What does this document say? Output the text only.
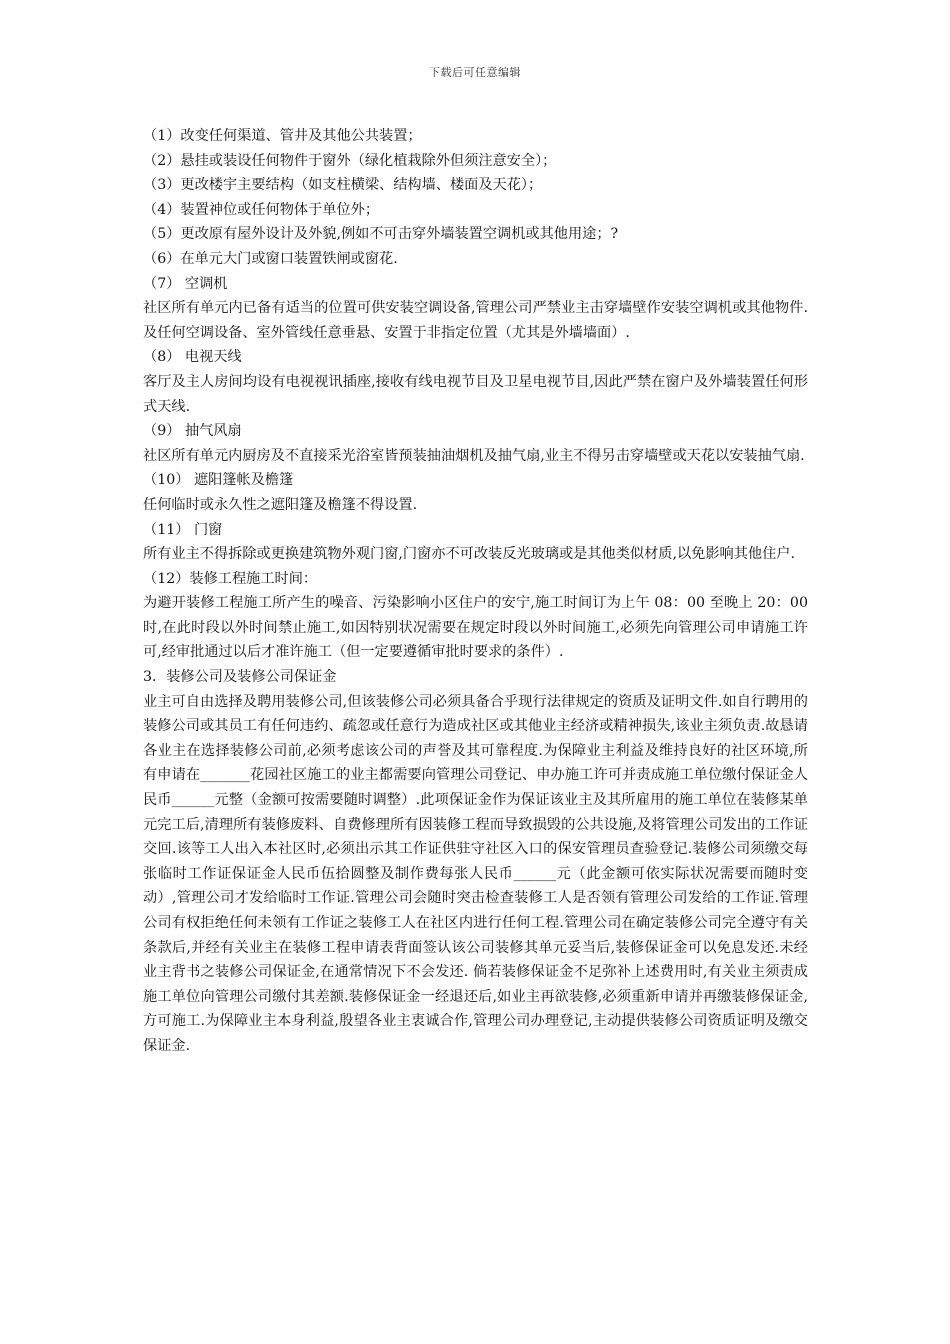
下载后可任意编辑

（1）改变任何渠道、管井及其他公共装置；

（2）悬挂或装设任何物件于窗外（绿化植栽除外但须注意安全）；

（3）更改楼宇主要结构（如支柱横梁、结构墙、楼面及天花）；

（4）装置神位或任何物体于单位外；

（5）更改原有屋外设计及外貌,例如不可击穿外墙装置空调机或其他用途；?

（6）在单元大门或窗口装置铁闸或窗花.

（7） 空调机

社区所有单元内已备有适当的位置可供安装空调设备,管理公司严禁业主击穿墙壁作安装空调机或其他物件.及任何空调设备、室外管线任意垂悬、安置于非指定位置（尤其是外墙墙面）.

（8） 电视天线

客厅及主人房间均设有电视视讯插座,接收有线电视节目及卫星电视节目,因此严禁在窗户及外墙装置任何形式天线.

（9） 抽气风扇

社区所有单元内厨房及不直接采光浴室皆预装抽油烟机及抽气扇,业主不得另击穿墙壁或天花以安装抽气扇.

（10） 遮阳篷帐及檐篷

任何临时或永久性之遮阳篷及檐篷不得设置.

（11） 门窗

所有业主不得拆除或更换建筑物外观门窗,门窗亦不可改装反光玻璃或是其他类似材质,以免影响其他住户.

（12）装修工程施工时间：

为避开装修工程施工所产生的噪音、污染影响小区住户的安宁,施工时间订为上午 08：00 至晚上 20：00 时,在此时段以外时间禁止施工,如因特别状况需要在规定时段以外时间施工,必须先向管理公司申请施工许可,经审批通过以后才准许施工（但一定要遵循审批时要求的条件）.

3．装修公司及装修公司保证金

业主可自由选择及聘用装修公司,但该装修公司必须具备合乎现行法律规定的资质及证明文件.如自行聘用的装修公司或其员工有任何违约、疏忽或任意行为造成社区或其他业主经济或精神损失,该业主须负责.故恳请各业主在选择装修公司前,必须考虑该公司的声誉及其可靠程度.为保障业主利益及维持良好的社区环境,所有申请在_______花园社区施工的业主都需要向管理公司登记、申办施工许可并责成施工单位缴付保证金人民币______元整（金额可按需要随时调整）.此项保证金作为保证该业主及其所雇用的施工单位在装修某单元完工后,清理所有装修废料、自费修理所有因装修工程而导致损毁的公共设施,及将管理公司发出的工作证交回.该等工人出入本社区时,必须出示其工作证供驻守社区入口的保安管理员查验登记.装修公司须缴交每张临时工作证保证金人民币伍拾圆整及制作费每张人民币______元（此金额可依实际状况需要而随时变动）,管理公司才发给临时工作证.管理公司会随时突击检查装修工人是否领有管理公司发给的工作证.管理公司有权拒绝任何未领有工作证之装修工人在社区内进行任何工程.管理公司在确定装修公司完全遵守有关条款后,并经有关业主在装修工程申请表背面签认该公司装修其单元妥当后,装修保证金可以免息发还.未经业主背书之装修公司保证金,在通常情况下不会发还. 倘若装修保证金不足弥补上述费用时,有关业主须责成施工单位向管理公司缴付其差额.装修保证金一经退还后,如业主再欲装修,必须重新申请并再缴装修保证金,方可施工.为保障业主本身利益,殷望各业主衷诚合作,管理公司办理登记,主动提供装修公司资质证明及缴交保证金.
